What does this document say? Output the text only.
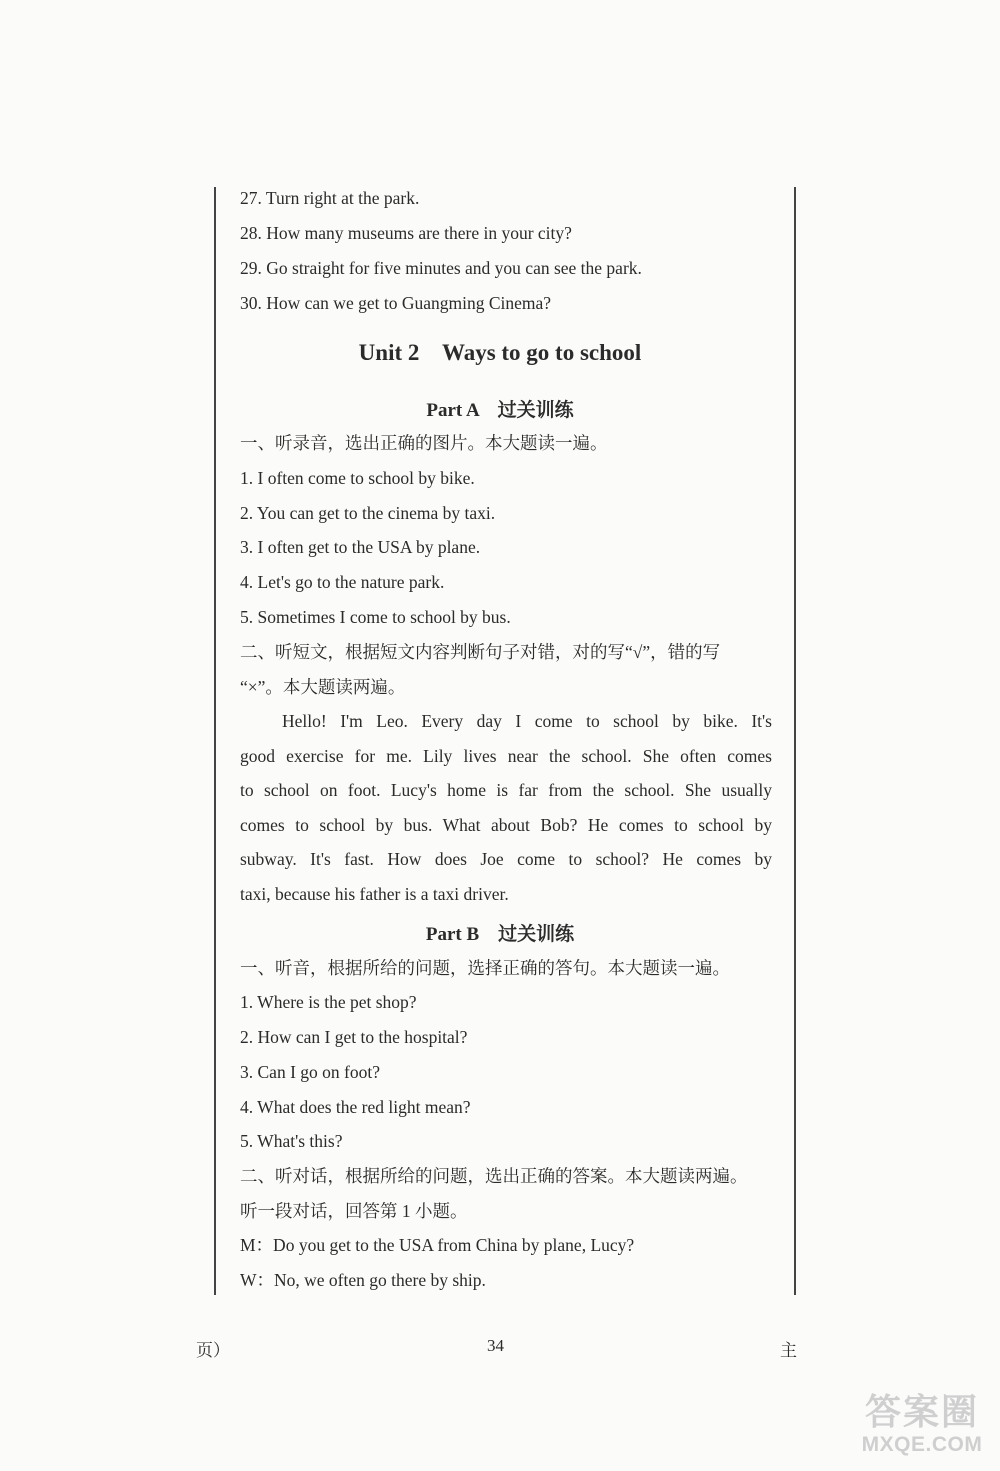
27. Turn right at the park.
28. How many museums are there in your city?
29. Go straight for five minutes and you can see the park.
30. How can we get to Guangming Cinema?
Unit 2    Ways to go to school
Part A    过关训练
一、听录音，选出正确的图片。本大题读一遍。
1. I often come to school by bike.
2. You can get to the cinema by taxi.
3. I often get to the USA by plane.
4. Let's go to the nature park.
5. Sometimes I come to school by bus.
二、听短文，根据短文内容判断句子对错，对的写“√”，错的写
“×”。本大题读两遍。
Hello! I'm Leo. Every day I come to school by bike. It's
good exercise for me. Lily lives near the school. She often comes
to school on foot. Lucy's home is far from the school. She usually
comes to school by bus. What about Bob? He comes to school by
subway. It's fast. How does Joe come to school? He comes by
taxi, because his father is a taxi driver.
Part B    过关训练
一、听音，根据所给的问题，选择正确的答句。本大题读一遍。
1. Where is the pet shop?
2. How can I get to the hospital?
3. Can I go on foot?
4. What does the red light mean?
5. What's this?
二、听对话，根据所给的问题，选出正确的答案。本大题读两遍。
听一段对话，回答第 1 小题。
M：Do you get to the USA from China by plane, Lucy?
W：No, we often go there by ship.
页）	34	主
答案圈
MXQE.COM
